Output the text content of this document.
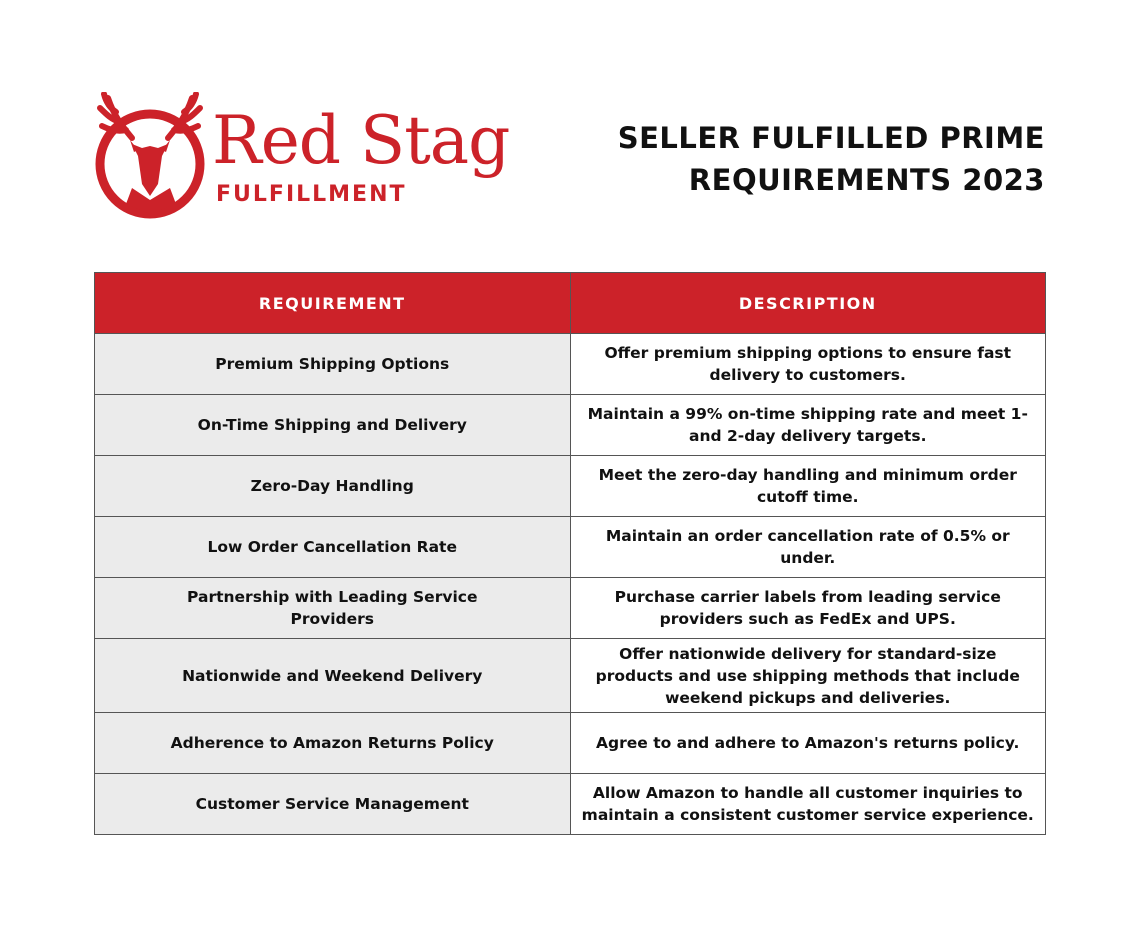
Red Stag
FULFILLMENT
SELLER FULFILLED PRIME
REQUIREMENTS 2023
REQUIREMENT	DESCRIPTION
Premium Shipping Options	Offer premium shipping options to ensure fast delivery to customers.

On-Time Shipping and Delivery	Maintain a 99% on-time shipping rate and meet 1- and 2-day delivery targets.

Zero-Day Handling	Meet the zero-day handling and minimum order cutoff time.

Low Order Cancellation Rate	Maintain an order cancellation rate of 0.5% or under.

Partnership with Leading Service Providers	Purchase carrier labels from leading service providers such as FedEx and UPS.

Nationwide and Weekend Delivery	Offer nationwide delivery for standard-size products and use shipping methods that include weekend pickups and deliveries.

Adherence to Amazon Returns Policy	Agree to and adhere to Amazon's returns policy.

Customer Service Management	Allow Amazon to handle all customer inquiries to maintain a consistent customer service experience.
